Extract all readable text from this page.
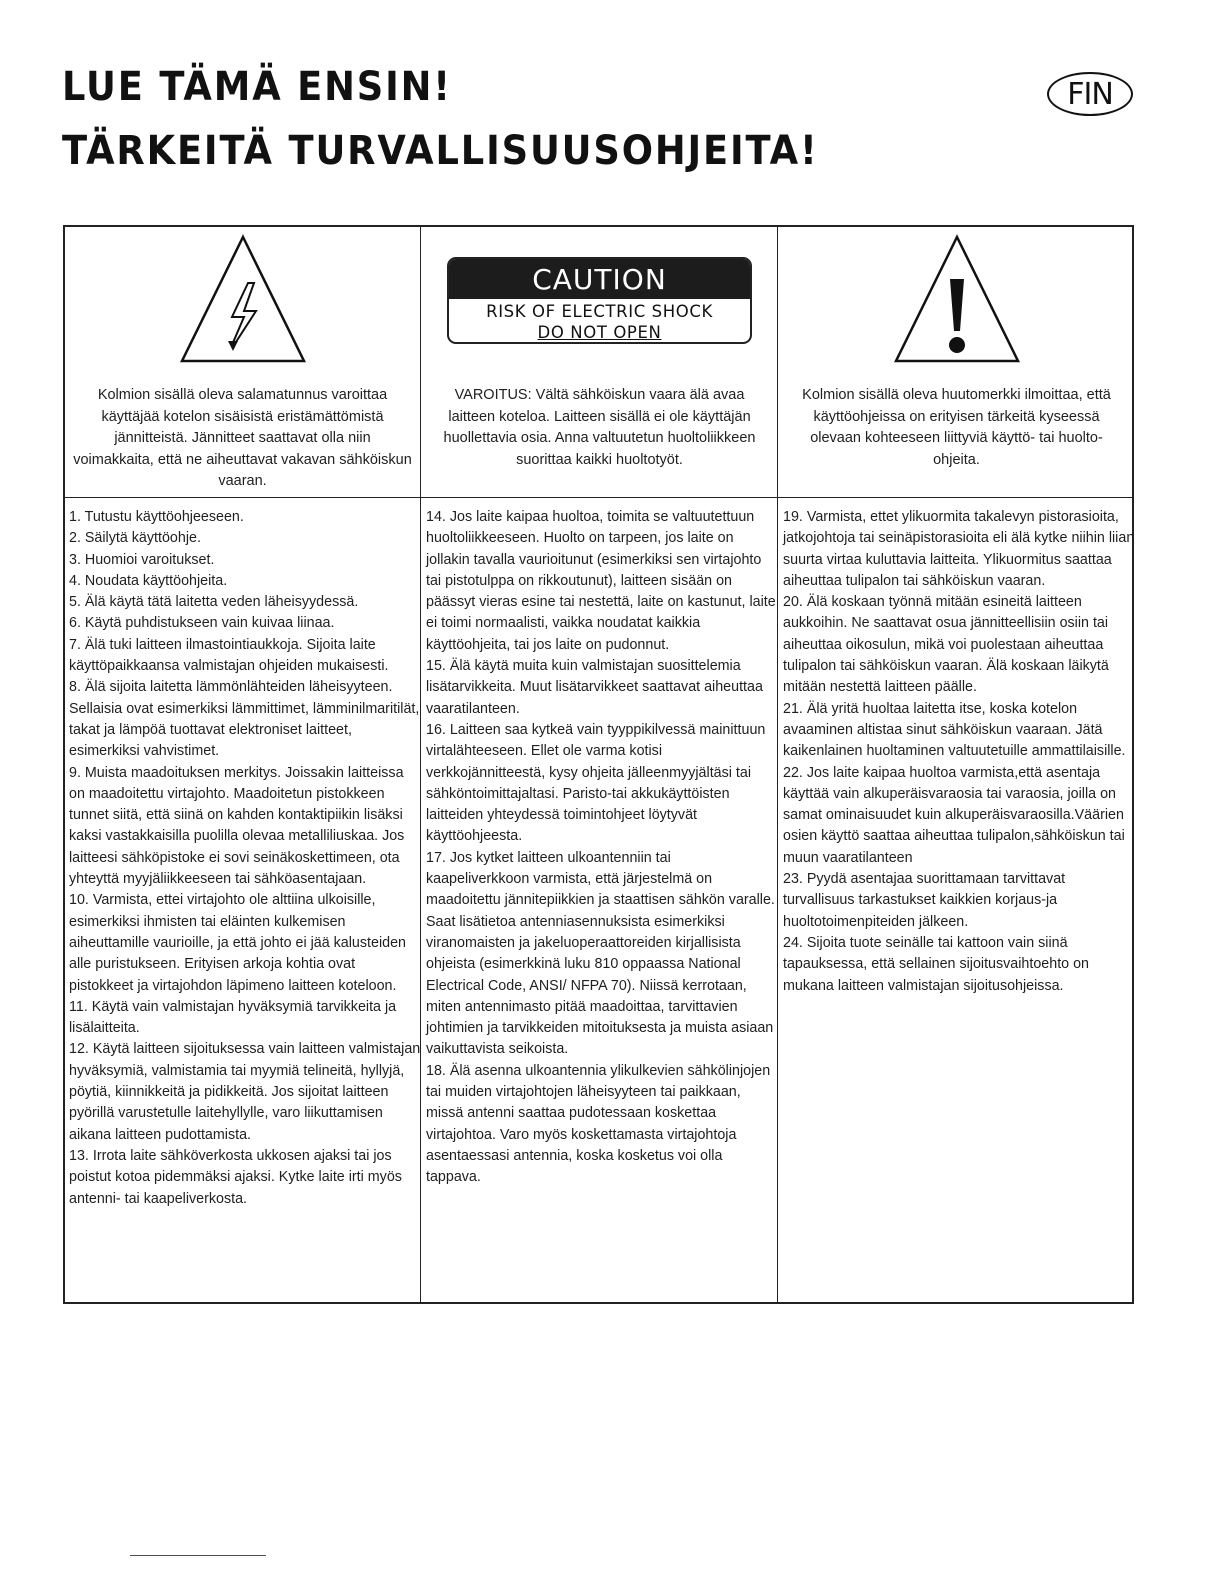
LUE TÄMÄ ENSIN!
TÄRKEITÄ TURVALLISUUSOHJEITA!
FIN
Kolmion sisällä oleva salamatunnus varoittaa käyttäjää kotelon sisäisistä eristämättömistä jännitteistä. Jännitteet saattavat olla niin voimakkaita, että ne aiheuttavat vakavan sähköiskun vaaran.
CAUTION
RISK OF ELECTRIC SHOCK
DO NOT OPEN
VAROITUS: Vältä sähköiskun vaara älä avaa laitteen koteloa. Laitteen sisällä ei ole käyttäjän huollettavia osia. Anna valtuutetun huoltoliikkeen suorittaa kaikki huoltotyöt.
Kolmion sisällä oleva huutomerkki ilmoittaa, että käyttöohjeissa on erityisen tärkeitä kyseessä olevaan kohteeseen liittyviä käyttö- tai huolto-ohjeita.

1. Tutustu käyttöohjeeseen.

2. Säilytä käyttöohje.

3. Huomioi varoitukset.

4. Noudata käyttöohjeita.

5. Älä käytä tätä laitetta veden läheisyydessä.

6. Käytä puhdistukseen vain kuivaa liinaa.

7. Älä tuki laitteen ilmastointiaukkoja. Sijoita laite käyttöpaikkaansa valmistajan ohjeiden mukaisesti.

8. Älä sijoita laitetta lämmönlähteiden läheisyyteen. Sellaisia ovat esimerkiksi lämmittimet, lämminilmaritilät, takat ja lämpöä tuottavat elektroniset laitteet, esimerkiksi vahvistimet.

9. Muista maadoituksen merkitys. Joissakin laitteissa on maadoitettu virtajohto. Maadoitetun pistokkeen tunnet siitä, että siinä on kahden kontaktipiikin lisäksi kaksi vastakkaisilla puolilla olevaa metalliliuskaa. Jos laitteesi sähköpistoke ei sovi seinäkoskettimeen, ota yhteyttä myyjäliikkeeseen tai sähköasentajaan.

10. Varmista, ettei virtajohto ole alttiina ulkoisille, esimerkiksi ihmisten tai eläinten kulkemisen aiheuttamille vaurioille, ja että johto ei jää kalusteiden alle puristukseen. Erityisen arkoja kohtia ovat pistokkeet ja virtajohdon läpimeno laitteen koteloon.

11. Käytä vain valmistajan hyväksymiä tarvikkeita ja lisälaitteita.

12. Käytä laitteen sijoituksessa vain laitteen valmistajan hyväksymiä, valmistamia tai myymiä telineitä, hyllyjä, pöytiä, kiinnikkeitä ja pidikkeitä. Jos sijoitat laitteen pyörillä varustetulle laitehyllylle, varo liikuttamisen aikana laitteen pudottamista.

13. Irrota laite sähköverkosta ukkosen ajaksi tai jos poistut kotoa pidemmäksi ajaksi. Kytke laite irti myös antenni- tai kaapeliverkosta.

14. Jos laite kaipaa huoltoa, toimita se valtuutettuun huoltoliikkeeseen. Huolto on tarpeen, jos laite on jollakin tavalla vaurioitunut (esimerkiksi sen virtajohto tai pistotulppa on rikkoutunut), laitteen sisään on päässyt vieras esine tai nestettä, laite on kastunut, laite ei toimi normaalisti, vaikka noudatat kaikkia käyttöohjeita, tai jos laite on pudonnut.

15. Älä käytä muita kuin valmistajan suosittelemia lisätarvikkeita. Muut lisätarvikkeet saattavat aiheuttaa vaaratilanteen.

16. Laitteen saa kytkeä vain tyyppikilvessä mainittuun virtalähteeseen. Ellet ole varma kotisi verkkojännitteestä, kysy ohjeita jälleenmyyjältäsi tai sähköntoimittajaltasi. Paristo-tai akkukäyttöisten laitteiden yhteydessä toimintohjeet löytyvät käyttöohjeesta.

17. Jos kytket laitteen ulkoantenniin tai kaapeliverkkoon varmista, että järjestelmä on maadoitettu jännitepiikkien ja staattisen sähkön varalle. Saat lisätietoa antenniasennuksista esimerkiksi viranomaisten ja jakeluoperaattoreiden kirjallisista ohjeista (esimerkkinä luku 810 oppaassa National Electrical Code, ANSI/ NFPA 70). Niissä kerrotaan, miten antennimasto pitää maadoittaa, tarvittavien johtimien ja tarvikkeiden mitoituksesta ja muista asiaan vaikuttavista seikoista.

18. Älä asenna ulkoantennia ylikulkevien sähkölinjojen tai muiden virtajohtojen läheisyyteen tai paikkaan, missä antenni saattaa pudotessaan koskettaa virtajohtoa. Varo myös koskettamasta virtajohtoja asentaessasi antennia, koska kosketus voi olla tappava.

19. Varmista, ettet ylikuormita takalevyn pistorasioita, jatkojohtoja tai seinäpistorasioita eli älä kytke niihin liian suurta virtaa kuluttavia laitteita. Ylikuormitus saattaa aiheuttaa tulipalon tai sähköiskun vaaran.

20. Älä koskaan työnnä mitään esineitä laitteen aukkoihin. Ne saattavat osua jännitteellisiin osiin tai aiheuttaa oikosulun, mikä voi puolestaan aiheuttaa tulipalon tai sähköiskun vaaran. Älä koskaan läikytä mitään nestettä laitteen päälle.

21. Älä yritä huoltaa laitetta itse, koska kotelon avaaminen altistaa sinut sähköiskun vaaraan. Jätä kaikenlainen huoltaminen valtuutetuille ammattilaisille.

22. Jos laite kaipaa huoltoa varmista,että asentaja käyttää vain alkuperäisvaraosia tai varaosia, joilla on samat ominaisuudet kuin alkuperäisvaraosilla.Väärien osien käyttö saattaa aiheuttaa tulipalon,sähköiskun tai muun vaaratilanteen

23. Pyydä asentajaa suorittamaan tarvittavat turvallisuus tarkastukset kaikkien korjaus-ja huoltotoimenpiteiden jälkeen.

24. Sijoita tuote seinälle tai kattoon vain siinä tapauksessa, että sellainen sijoitusvaihtoehto on mukana laitteen valmistajan sijoitusohjeissa.
